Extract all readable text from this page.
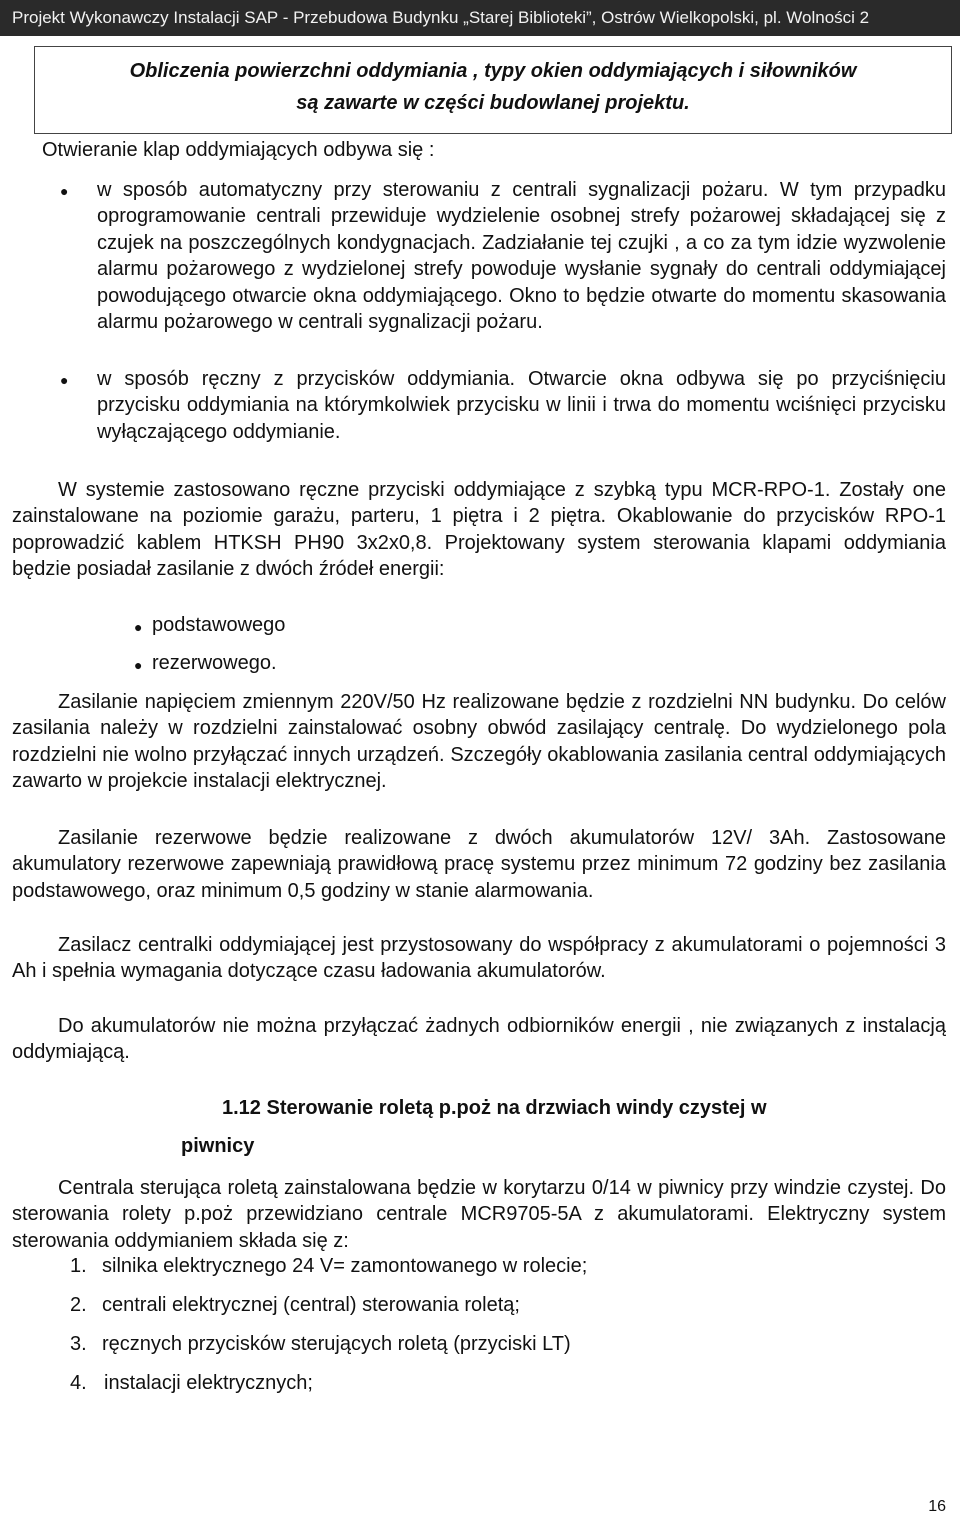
Projekt Wykonawczy Instalacji SAP - Przebudowa Budynku „Starej Biblioteki”, Ostrów Wielkopolski, pl. Wolności 2
Obliczenia powierzchni oddymiania , typy okien oddymiających i siłowników
są zawarte w części budowlanej projektu.
Otwieranie klap oddymiających odbywa się :
● w sposób automatyczny przy sterowaniu z centrali sygnalizacji pożaru. W tym przypadku oprogramowanie centrali przewiduje wydzielenie osobnej strefy pożarowej składającej się z czujek na poszczególnych kondygnacjach. Zadziałanie tej czujki , a co za tym idzie wyzwolenie alarmu pożarowego z wydzielonej strefy powoduje wysłanie sygnały do centrali oddymiającej powodującego otwarcie okna oddymiającego. Okno to będzie otwarte do momentu skasowania alarmu pożarowego w centrali sygnalizacji pożaru.
● w sposób ręczny z przycisków oddymiania. Otwarcie okna odbywa się po przyciśnięciu przycisku oddymiania na którymkolwiek przycisku w linii i trwa do momentu wciśnięci przycisku wyłączającego oddymianie.
W systemie zastosowano ręczne przyciski oddymiające z szybką typu MCR-RPO-1. Zostały one zainstalowane na poziomie garażu, parteru, 1 piętra i 2 piętra. Okablowanie do przycisków RPO-1 poprowadzić kablem HTKSH PH90 3x2x0,8. Projektowany system sterowania klapami oddymiania będzie posiadał zasilanie z dwóch źródeł energii:
● podstawowego
● rezerwowego.
Zasilanie napięciem zmiennym 220V/50 Hz realizowane będzie z rozdzielni NN budynku. Do celów zasilania należy w rozdzielni zainstalować osobny obwód zasilający centralę. Do wydzielonego pola rozdzielni nie wolno przyłączać innych urządzeń. Szczegóły okablowania zasilania central oddymiających zawarto w projekcie instalacji elektrycznej.
Zasilanie rezerwowe będzie realizowane z dwóch akumulatorów 12V/ 3Ah. Zastosowane akumulatory rezerwowe zapewniają prawidłową pracę systemu przez minimum 72 godziny bez zasilania podstawowego, oraz minimum 0,5 godziny w stanie alarmowania.
Zasilacz centralki oddymiającej jest przystosowany do współpracy z akumulatorami o pojemności 3 Ah i spełnia wymagania dotyczące czasu ładowania akumulatorów.
Do akumulatorów nie można przyłączać żadnych odbiorników energii , nie związanych z instalacją oddymiającą.
1.12 Sterowanie roletą p.poż na drzwiach windy czystej w
piwnicy
Centrala sterująca roletą zainstalowana będzie w korytarzu 0/14 w piwnicy przy windzie czystej. Do sterowania rolety p.poż przewidziano centrale MCR9705-5A z akumulatorami. Elektryczny system sterowania oddymianiem składa się z:
1. silnika elektrycznego 24 V= zamontowanego w rolecie;
2. centrali elektrycznej (central) sterowania roletą;
3. ręcznych przycisków sterujących roletą (przyciski LT)
4. instalacji elektrycznych;
16
